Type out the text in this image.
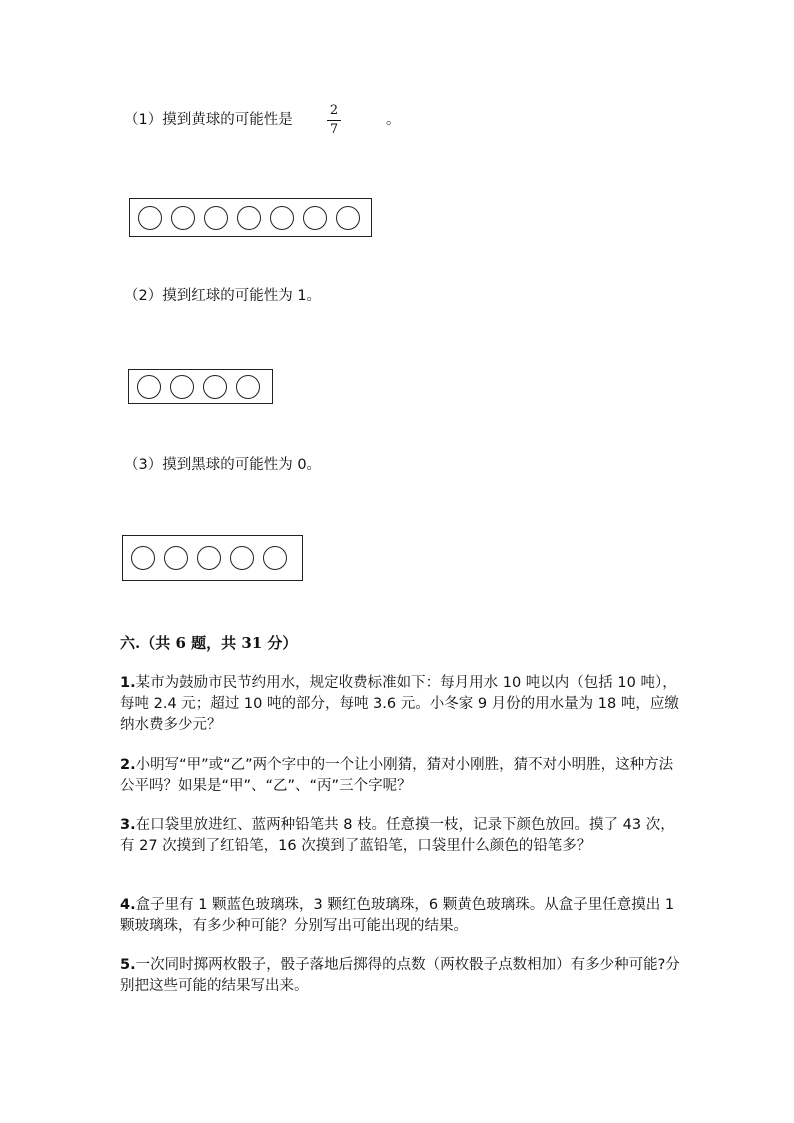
（1）摸到黄球的可能性是
2
7
。
（2）摸到红球的可能性为 1。
（3）摸到黑球的可能性为 0。
六.（共 6 题，共 31 分）
1.某市为鼓励市民节约用水，规定收费标准如下：每月用水 10 吨以内（包括 10 吨），每吨 2.4 元；超过 10 吨的部分，每吨 3.6 元。小冬家 9 月份的用水量为 18 吨，应缴纳水费多少元？
2.小明写“甲”或“乙”两个字中的一个让小刚猜，猜对小刚胜，猜不对小明胜，这种方法公平吗？如果是“甲”、“乙”、“丙”三个字呢？
3.在口袋里放进红、蓝两种铅笔共 8 枝。任意摸一枝，记录下颜色放回。摸了 43 次，有 27 次摸到了红铅笔，16 次摸到了蓝铅笔，口袋里什么颜色的铅笔多？
4.盒子里有 1 颗蓝色玻璃珠，3 颗红色玻璃珠，6 颗黄色玻璃珠。从盒子里任意摸出 1 颗玻璃珠，有多少种可能？分别写出可能出现的结果。
5.一次同时掷两枚骰子，骰子落地后掷得的点数（两枚骰子点数相加）有多少种可能?分别把这些可能的结果写出来。
